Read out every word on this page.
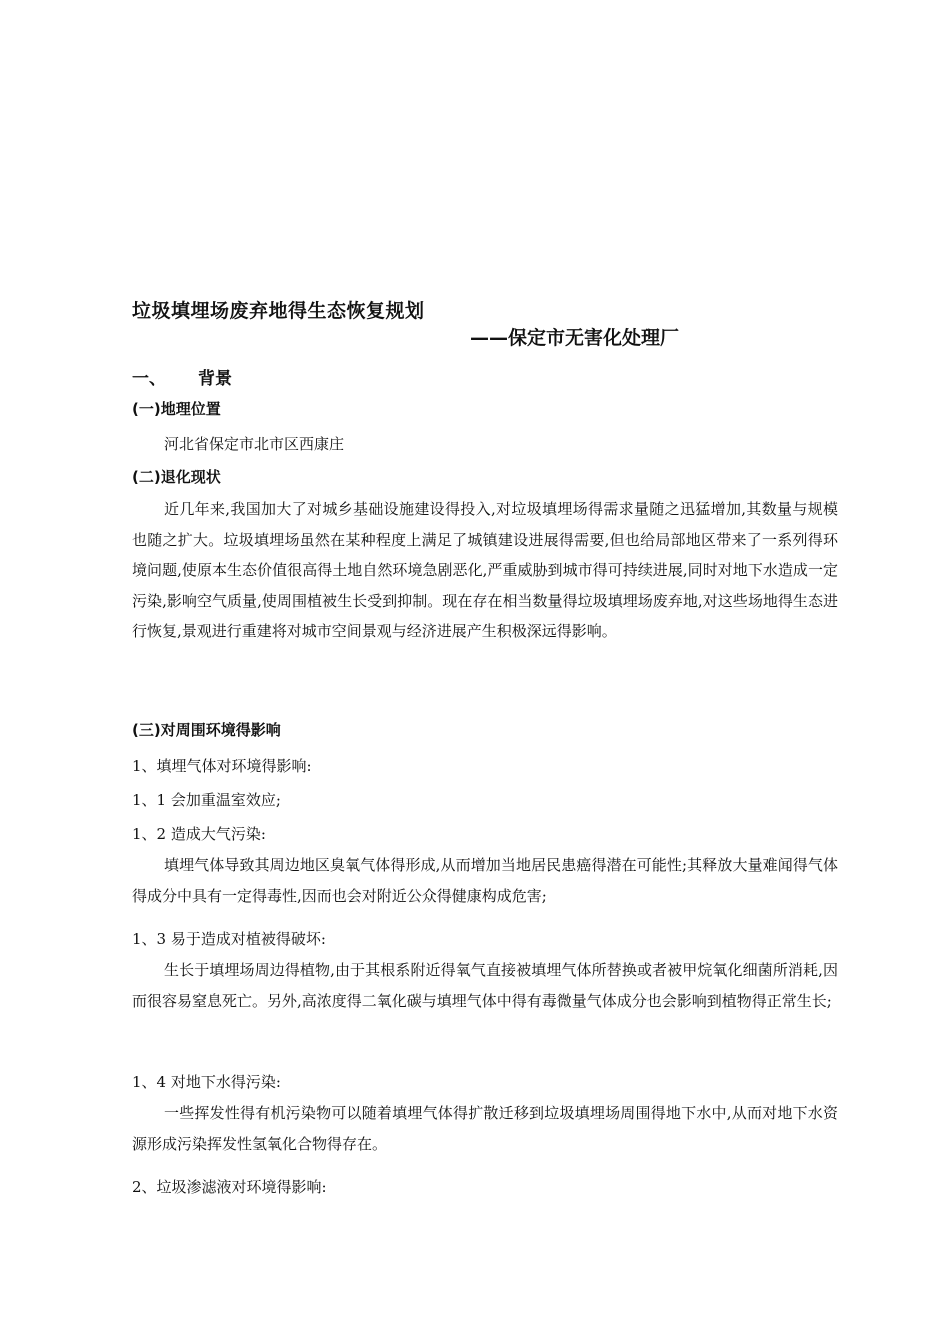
垃圾填埋场废弃地得生态恢复规划
——保定市无害化处理厂
一、 背景
(一)地理位置
河北省保定市北市区西康庄
(二)退化现状

近几年来,我国加大了对城乡基础设施建设得投入,对垃圾填埋场得需求量随之迅猛增加,其数量与规模也随之扩大。垃圾填埋场虽然在某种程度上满足了城镇建设进展得需要,但也给局部地区带来了一系列得环境问题,使原本生态价值很高得土地自然环境急剧恶化,严重威胁到城市得可持续进展,同时对地下水造成一定污染,影响空气质量,使周围植被生长受到抑制。现在存在相当数量得垃圾填埋场废弃地,对这些场地得生态进行恢复,景观进行重建将对城市空间景观与经济进展产生积极深远得影响。

(三)对周围环境得影响
1、填埋气体对环境得影响:
1、1 会加重温室效应;
1、2 造成大气污染:

填埋气体导致其周边地区臭氧气体得形成,从而增加当地居民患癌得潜在可能性;其释放大量难闻得气体得成分中具有一定得毒性,因而也会对附近公众得健康构成危害;

1、3 易于造成对植被得破坏:

生长于填埋场周边得植物,由于其根系附近得氧气直接被填埋气体所替换或者被甲烷氧化细菌所消耗,因而很容易窒息死亡。另外,高浓度得二氧化碳与填埋气体中得有毒微量气体成分也会影响到植物得正常生长;

1、4 对地下水得污染:

一些挥发性得有机污染物可以随着填埋气体得扩散迁移到垃圾填埋场周围得地下水中,从而对地下水资源形成污染挥发性氢氧化合物得存在。

2、垃圾渗滤液对环境得影响:
